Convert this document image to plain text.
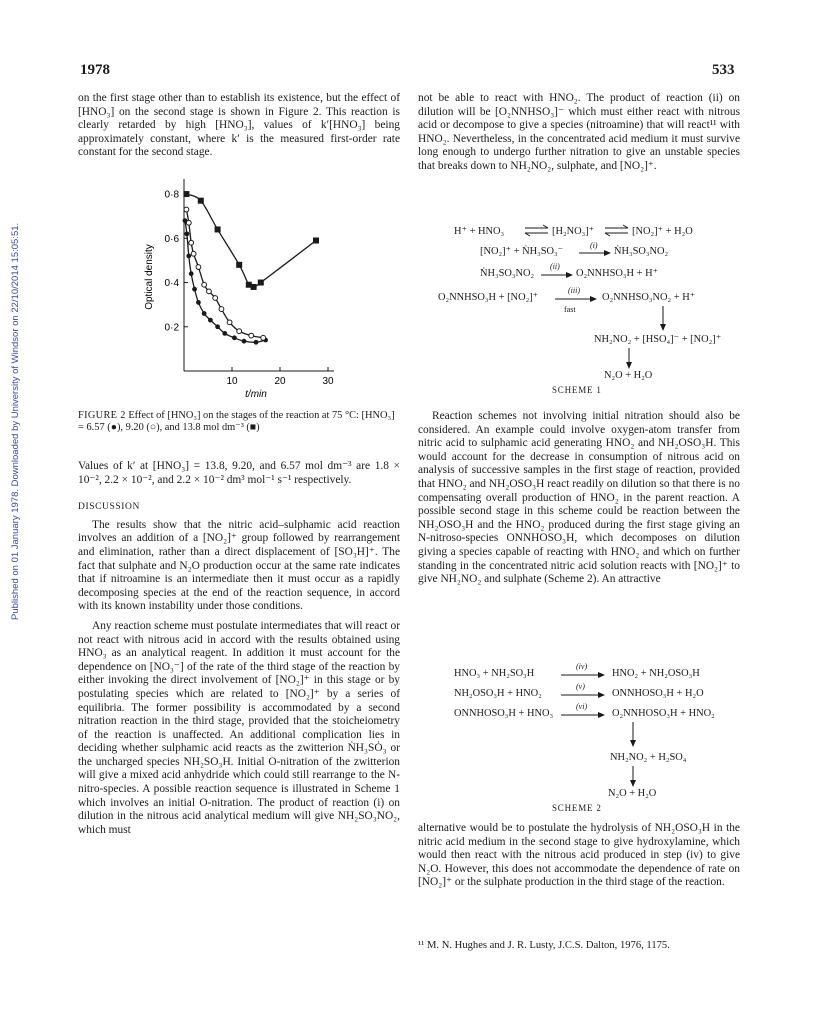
1978	533
Published on 01 January 1978. Downloaded by University of Windsor on 22/10/2014 15:05:51.

on the first stage other than to establish its existence, but the effect of [HNO₃] on the second stage is shown in Figure 2. This reaction is clearly retarded by high [HNO₃], values of k′[HNO₃] being approximately constant, where k′ is the measured first-order rate constant for the second stage.

10	20	30
0·2
0·4
0·6
0·8
t/min
Optical density
FIGURE 2 Effect of [HNO₃] on the stages of the reaction at 75 °C: [HNO₃] = 6.57 (●), 9.20 (○), and 13.8 mol dm⁻³ (■)

Values of k′ at [HNO₃] = 13.8, 9.20, and 6.57 mol dm⁻³ are 1.8 × 10⁻², 2.2 × 10⁻², and 2.2 × 10⁻² dm³ mol⁻¹ s⁻¹ respectively.

DISCUSSION

The results show that the nitric acid–sulphamic acid reaction involves an addition of a [NO₂]⁺ group followed by rearrangement and elimination, rather than a direct displacement of [SO₃H]⁺. The fact that sulphate and N₂O production occur at the same rate indicates that if nitroamine is an intermediate then it must occur as a rapidly decomposing species at the end of the reaction sequence, in accord with its known instability under those conditions.

Any reaction scheme must postulate intermediates that will react or not react with nitrous acid in accord with the results obtained using HNO₃ as an analytical reagent. In addition it must account for the dependence on [NO₃⁻] of the rate of the third stage of the reaction by either invoking the direct involvement of [NO₂]⁺ in this stage or by postulating species which are related to [NO₂]⁺ by a series of equilibria. The former possibility is accommodated by a second nitration reaction in the third stage, provided that the stoicheiometry of the reaction is unaffected. An additional complication lies in deciding whether sulphamic acid reacts as the zwitterion ṄH₃SȮ₃ or the uncharged species NH₂SO₃H. Initial O-nitration of the zwitterion will give a mixed acid anhydride which could still rearrange to the N-nitro-species. A possible reaction sequence is illustrated in Scheme 1 which involves an initial O-nitration. The product of reaction (i) on dilution in the nitrous acid analytical medium will give NH₂SO₃NO₂, which must

not be able to react with HNO₂. The product of reaction (ii) on dilution will be [O₂NNHSO₃]⁻ which must either react with nitrous acid or decompose to give a species (nitroamine) that will react¹¹ with HNO₂. Nevertheless, in the concentrated acid medium it must survive long enough to undergo further nitration to give an unstable species that breaks down to NH₂NO₂, sulphate, and [NO₂]⁺.

H⁺ + HNO₃ ⇌ [H₂NO₃]⁺ ⇌ [NO₂]⁺ + H₂O
[NO₂]⁺ + ṄH₃SO₃⁻
(i)
ṄH₃SO₃NO₂
ṄH₃SO₃NO₂
(ii)
O₂NNHSO₃H + H⁺
O₂NNHSO₃H + [NO₂]⁺
(iii)
fast
O₂NNHSO₃NO₂ + H⁺
NH₂NO₂ + [HSO₄]⁻ + [NO₂]⁺
N₂O + H₂O
SCHEME 1

Reaction schemes not involving initial nitration should also be considered. An example could involve oxygen-atom transfer from nitric acid to sulphamic acid generating HNO₂ and NH₂OSO₃H. This would account for the decrease in consumption of nitrous acid on analysis of successive samples in the first stage of reaction, provided that HNO₂ and NH₂OSO₃H react readily on dilution so that there is no compensating overall production of HNO₂ in the parent reaction. A possible second stage in this scheme could be reaction between the NH₂OSO₃H and the HNO₂ produced during the first stage giving an N-nitroso-species ONNHOSO₃H, which decomposes on dilution giving a species capable of reacting with HNO₂ and which on further standing in the concentrated nitric acid solution reacts with [NO₂]⁺ to give NH₂NO₂ and sulphate (Scheme 2). An attractive

HNO₃ + NH₂SO₃H
(iv)
HNO₂ + NH₂OSO₃H
NH₂OSO₃H + HNO₂
(v)
ONNHOSO₃H + H₂O
ONNHOSO₃H + HNO₃
(vi)
O₂NNHOSO₃H + HNO₂
NH₂NO₂ + H₂SO₄
N₂O + H₂O
SCHEME 2

alternative would be to postulate the hydrolysis of NH₂OSO₃H in the nitric acid medium in the second stage to give hydroxylamine, which would then react with the nitrous acid produced in step (iv) to give N₂O. However, this does not accommodate the dependence of rate on [NO₂]⁺ or the sulphate production in the third stage of the reaction.

¹¹ M. N. Hughes and J. R. Lusty, J.C.S. Dalton, 1976, 1175.
